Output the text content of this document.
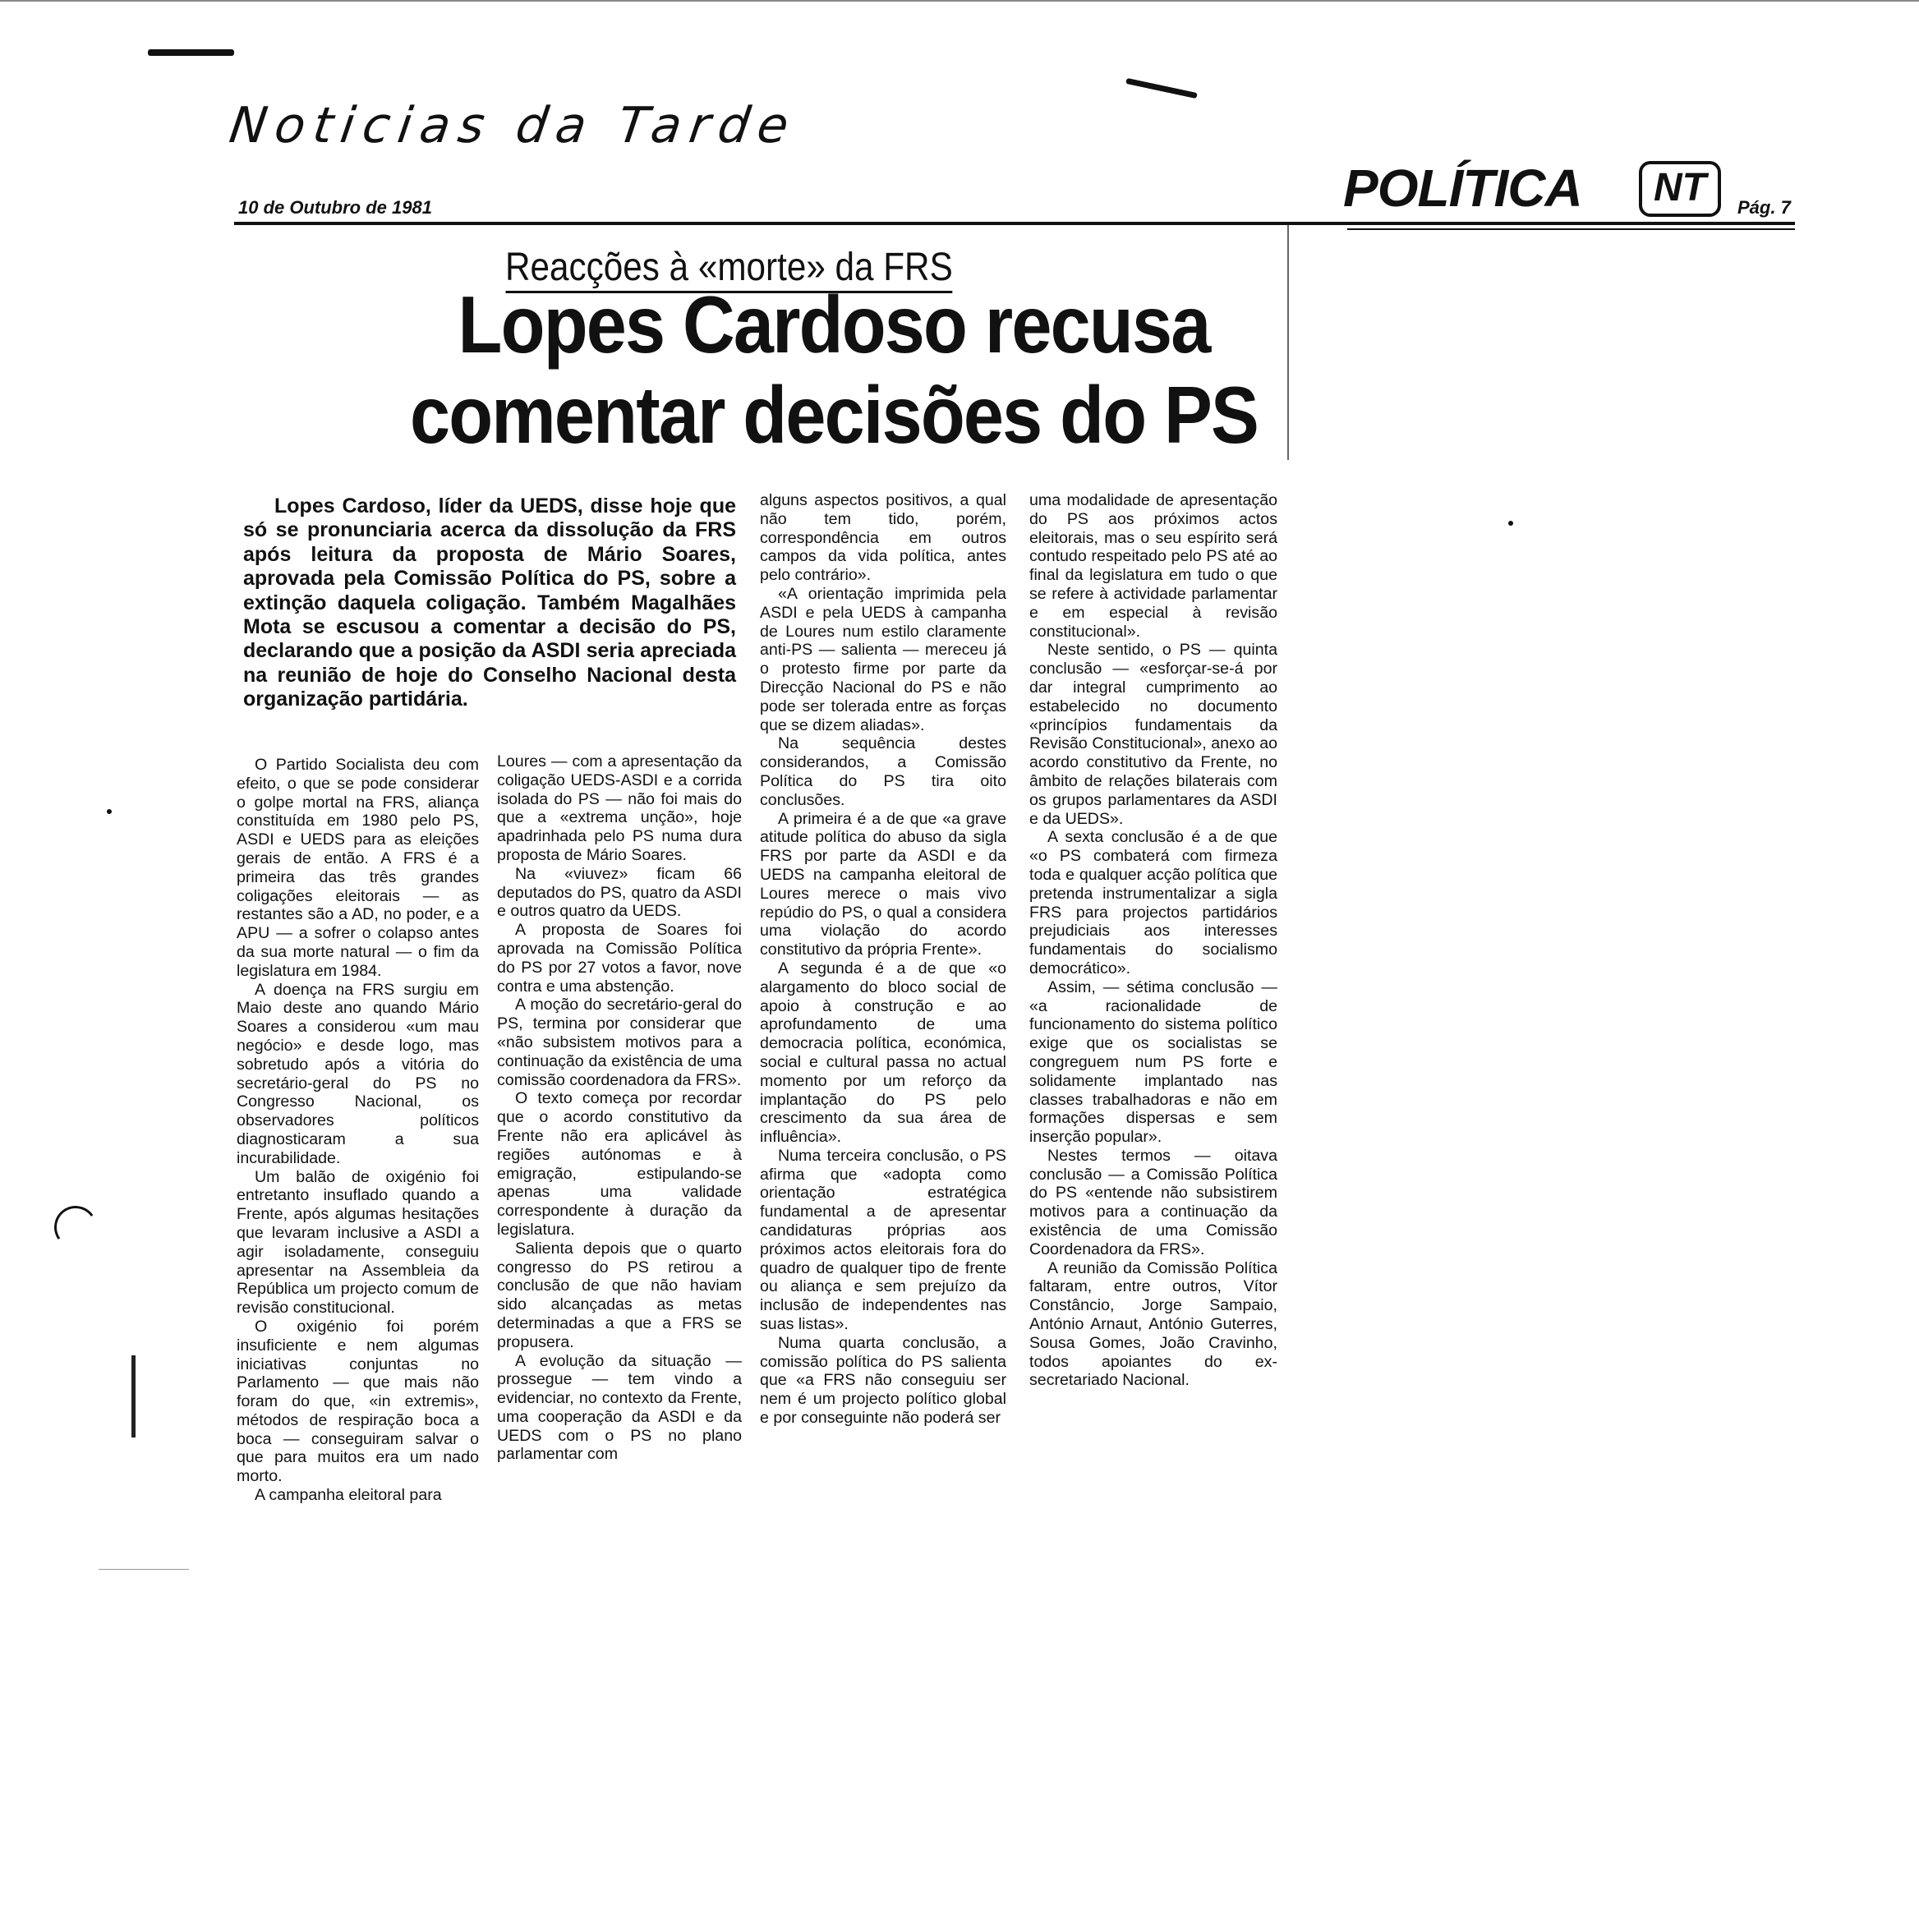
Noticias da Tarde
10 de Outubro de 1981	POLÍTICA	NT	Pág. 7
Reacções à «morte» da FRS
Lopes Cardoso recusa comentar decisões do PS
Lopes Cardoso, líder da UEDS, disse hoje que só se pronunciaria acerca da dissolução da FRS após leitura da proposta de Mário Soares, aprovada pela Comissão Política do PS, sobre a extinção daquela coligação. Também Magalhães Mota se escusou a comentar a decisão do PS, declarando que a posição da ASDI seria apreciada na reunião de hoje do Conselho Nacional desta organização partidária.

O Partido Socialista deu com efeito, o que se pode considerar o golpe mortal na FRS, aliança constituída em 1980 pelo PS, ASDI e UEDS para as eleições gerais de então. A FRS é a primeira das três grandes coligações eleitorais — as restantes são a AD, no poder, e a APU — a sofrer o colapso antes da sua morte natural — o fim da legislatura em 1984.

A doença na FRS surgiu em Maio deste ano quando Mário Soares a considerou «um mau negócio» e desde logo, mas sobretudo após a vitória do secretário-geral do PS no Congresso Nacional, os observadores políticos diagnosticaram a sua incurabilidade.

Um balão de oxigénio foi entretanto insuflado quando a Frente, após algumas hesitações que levaram inclusive a ASDI a agir isoladamente, conseguiu apresentar na Assembleia da República um projecto comum de revisão constitucional.

O oxigénio foi porém insuficiente e nem algumas iniciativas conjuntas no Parlamento — que mais não foram do que, «in extremis», métodos de respiração boca a boca — conseguiram salvar o que para muitos era um nado morto.

A campanha eleitoral para

Loures — com a apresentação da coligação UEDS-ASDI e a corrida isolada do PS — não foi mais do que a «extrema unção», hoje apadrinhada pelo PS numa dura proposta de Mário Soares.

Na «viuvez» ficam 66 deputados do PS, quatro da ASDI e outros quatro da UEDS.

A proposta de Soares foi aprovada na Comissão Política do PS por 27 votos a favor, nove contra e uma abstenção.

A moção do secretário-geral do PS, termina por considerar que «não subsistem motivos para a continuação da existência de uma comissão coordenadora da FRS».

O texto começa por recordar que o acordo constitutivo da Frente não era aplicável às regiões autónomas e à emigração, estipulando-se apenas uma validade correspondente à duração da legislatura.

Salienta depois que o quarto congresso do PS retirou a conclusão de que não haviam sido alcançadas as metas determinadas a que a FRS se propusera.

A evolução da situação — prossegue — tem vindo a evidenciar, no contexto da Frente, uma cooperação da ASDI e da UEDS com o PS no plano parlamentar com

alguns aspectos positivos, a qual não tem tido, porém, correspondência em outros campos da vida política, antes pelo contrário».

«A orientação imprimida pela ASDI e pela UEDS à campanha de Loures num estilo claramente anti-PS — salienta — mereceu já o protesto firme por parte da Direcção Nacional do PS e não pode ser tolerada entre as forças que se dizem aliadas».

Na sequência destes considerandos, a Comissão Política do PS tira oito conclusões.

A primeira é a de que «a grave atitude política do abuso da sigla FRS por parte da ASDI e da UEDS na campanha eleitoral de Loures merece o mais vivo repúdio do PS, o qual a considera uma violação do acordo constitutivo da própria Frente».

A segunda é a de que «o alargamento do bloco social de apoio à construção e ao aprofundamento de uma democracia política, económica, social e cultural passa no actual momento por um reforço da implantação do PS pelo crescimento da sua área de influência».

Numa terceira conclusão, o PS afirma que «adopta como orientação estratégica fundamental a de apresentar candidaturas próprias aos próximos actos eleitorais fora do quadro de qualquer tipo de frente ou aliança e sem prejuízo da inclusão de independentes nas suas listas».

Numa quarta conclusão, a comissão política do PS salienta que «a FRS não conseguiu ser nem é um projecto político global e por conseguinte não poderá ser

uma modalidade de apresentação do PS aos próximos actos eleitorais, mas o seu espírito será contudo respeitado pelo PS até ao final da legislatura em tudo o que se refere à actividade parlamentar e em especial à revisão constitucional».

Neste sentido, o PS — quinta conclusão — «esforçar-se-á por dar integral cumprimento ao estabelecido no documento «princípios fundamentais da Revisão Constitucional», anexo ao acordo constitutivo da Frente, no âmbito de relações bilaterais com os grupos parlamentares da ASDI e da UEDS».

A sexta conclusão é a de que «o PS combaterá com firmeza toda e qualquer acção política que pretenda instrumentalizar a sigla FRS para projectos partidários prejudiciais aos interesses fundamentais do socialismo democrático».

Assim, — sétima conclusão — «a racionalidade de funcionamento do sistema político exige que os socialistas se congreguem num PS forte e solidamente implantado nas classes trabalhadoras e não em formações dispersas e sem inserção popular».

Nestes termos — oitava conclusão — a Comissão Política do PS «entende não subsistirem motivos para a continuação da existência de uma Comissão Coordenadora da FRS».

A reunião da Comissão Política faltaram, entre outros, Vítor Constâncio, Jorge Sampaio, António Arnaut, António Guterres, Sousa Gomes, João Cravinho, todos apoiantes do ex-secretariado Nacional.
